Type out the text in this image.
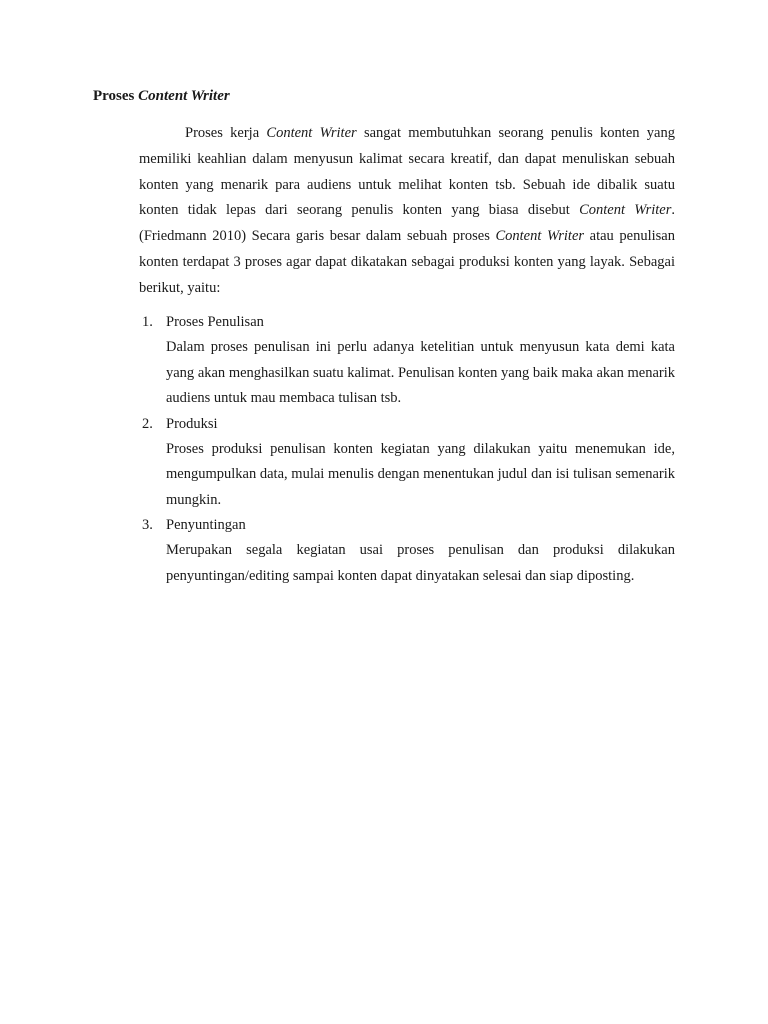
Proses Content Writer

Proses kerja Content Writer sangat membutuhkan seorang penulis konten yang memiliki keahlian dalam menyusun kalimat secara kreatif, dan dapat menuliskan sebuah konten yang menarik para audiens untuk melihat konten tsb. Sebuah ide dibalik suatu konten tidak lepas dari seorang penulis konten yang biasa disebut Content Writer. (Friedmann 2010) Secara garis besar dalam sebuah proses Content Writer atau penulisan konten terdapat 3 proses agar dapat dikatakan sebagai produksi konten yang layak. Sebagai berikut, yaitu:

1. Proses Penulisan

Dalam proses penulisan ini perlu adanya ketelitian untuk menyusun kata demi kata yang akan menghasilkan suatu kalimat. Penulisan konten yang baik maka akan menarik audiens untuk mau membaca tulisan tsb.

2. Produksi

Proses produksi penulisan konten kegiatan yang dilakukan yaitu menemukan ide, mengumpulkan data, mulai menulis dengan menentukan judul dan isi tulisan semenarik mungkin.

3. Penyuntingan

Merupakan segala kegiatan usai proses penulisan dan produksi dilakukan penyuntingan/editing sampai konten dapat dinyatakan selesai dan siap diposting.
